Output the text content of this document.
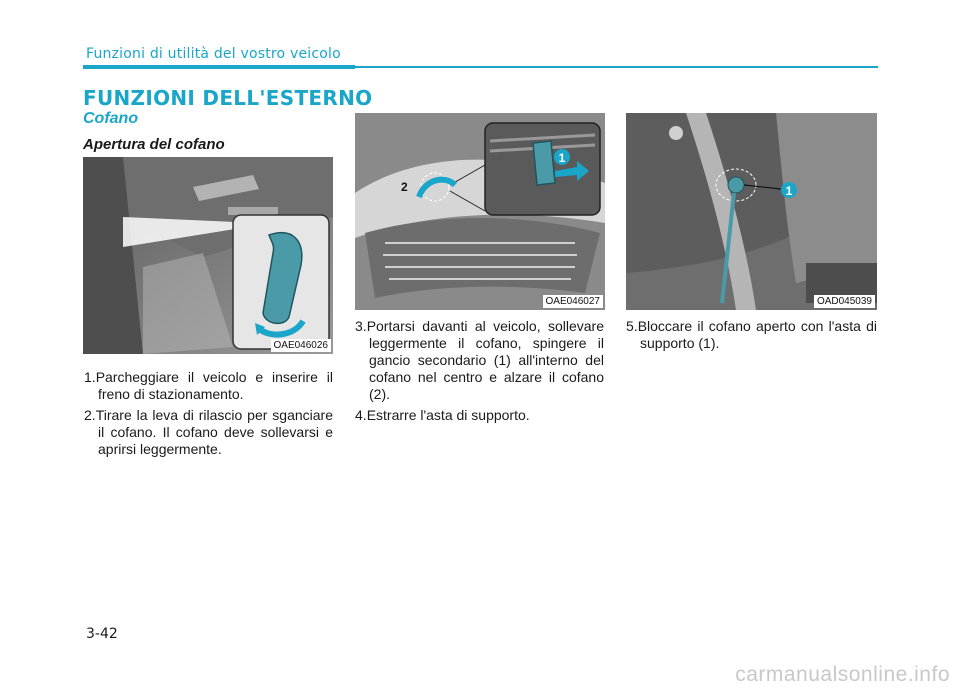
Funzioni di utilità del vostro veicolo
FUNZIONI DELL'ESTERNO
Cofano
Apertura del cofano
OAE046026
1
2
OAE046027
1
OAD045039
1.Parcheggiare il veicolo e inserire il freno di stazionamento.
2.Tirare la leva di rilascio per sganciare il cofano. Il cofano deve sollevarsi e aprirsi leggermente.
3.Portarsi davanti al veicolo, sollevare leggermente il cofano, spingere il gancio secondario (1) all'interno del cofano nel centro e alzare il cofano (2).
4.Estrarre l'asta di supporto.
5.Bloccare il cofano aperto con l'asta di supporto (1).
3-42
carmanualsonline.info
